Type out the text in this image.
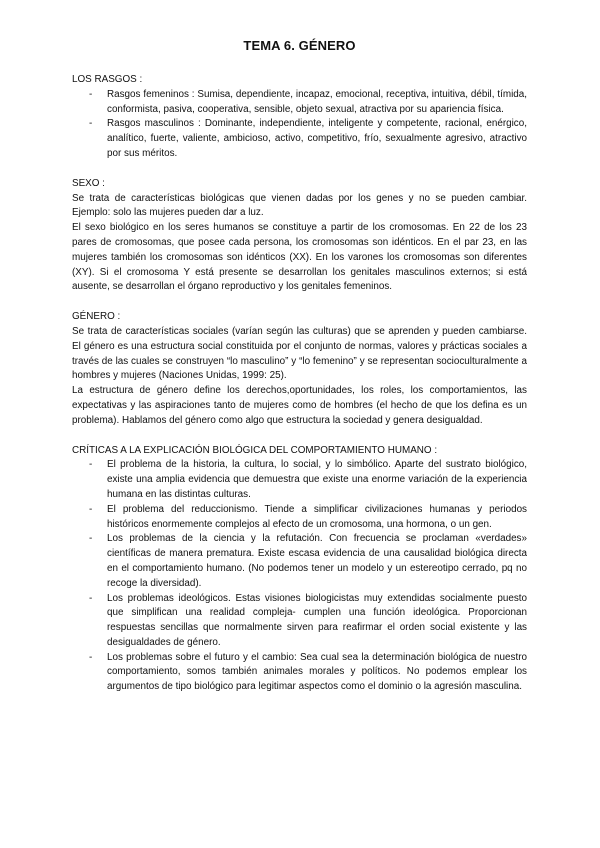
TEMA 6. GÉNERO
LOS RASGOS :
- Rasgos femeninos : Sumisa, dependiente, incapaz, emocional, receptiva, intuitiva, débil, tímida, conformista, pasiva, cooperativa, sensible, objeto sexual, atractiva por su apariencia física.
- Rasgos masculinos : Dominante, independiente, inteligente y competente, racional, enérgico, analítico, fuerte, valiente, ambicioso, activo, competitivo, frío, sexualmente agresivo, atractivo por sus méritos.
SEXO :

Se trata de características biológicas que vienen dadas por los genes y no se pueden cambiar. Ejemplo: solo las mujeres pueden dar a luz.

El sexo biológico en los seres humanos se constituye a partir de los cromosomas. En 22 de los 23 pares de cromosomas, que posee cada persona, los cromosomas son idénticos. En el par 23, en las mujeres también los cromosomas son idénticos (XX). En los varones los cromosomas son diferentes (XY). Si el cromosoma Y está presente se desarrollan los genitales masculinos externos; si está ausente, se desarrollan el órgano reproductivo y los genitales femeninos.

GÉNERO :

Se trata de características sociales (varían según las culturas) que se aprenden y pueden cambiarse. El género es una estructura social constituida por el conjunto de normas, valores y prácticas sociales a través de las cuales se construyen “lo masculino” y “lo femenino” y se representan socioculturalmente a hombres y mujeres (Naciones Unidas, 1999: 25).

La estructura de género define los derechos,oportunidades, los roles, los comportamientos, las expectativas y las aspiraciones tanto de mujeres como de hombres (el hecho de que los defina es un problema). Hablamos del género como algo que estructura la sociedad y genera desigualdad.

CRÍTICAS A LA EXPLICACIÓN BIOLÓGICA DEL COMPORTAMIENTO HUMANO :
- El problema de la historia, la cultura, lo social, y lo simbólico. Aparte del sustrato biológico, existe una amplia evidencia que demuestra que existe una enorme variación de la experiencia humana en las distintas culturas.
- El problema del reduccionismo. Tiende a simplificar civilizaciones humanas y periodos históricos enormemente complejos al efecto de un cromosoma, una hormona, o un gen.
- Los problemas de la ciencia y la refutación. Con frecuencia se proclaman «verdades» científicas de manera prematura. Existe escasa evidencia de una causalidad biológica directa en el comportamiento humano. (No podemos tener un modelo y un estereotipo cerrado, pq no recoge la diversidad).
- Los problemas ideológicos. Estas visiones biologicistas muy extendidas socialmente puesto que simplifican una realidad compleja- cumplen una función ideológica. Proporcionan respuestas sencillas que normalmente sirven para reafirmar el orden social existente y las desigualdades de género.
- Los problemas sobre el futuro y el cambio: Sea cual sea la determinación biológica de nuestro comportamiento, somos también animales morales y políticos. No podemos emplear los argumentos de tipo biológico para legitimar aspectos como el dominio o la agresión masculina.
